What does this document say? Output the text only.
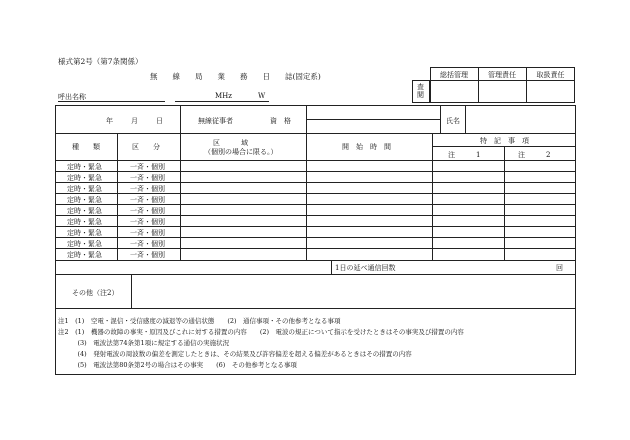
様式第2号（第7条関係）
無　　線　　局　　業　　務　　日　　誌(固定系)	総括管理	管理責任	取扱責任
査閲
呼出名称	MHz	W
年	月	日	無線従事者	資　格	氏名
種　　類	区　　分	区　　　域
（個別の場合に限る。）
開　始　時　間
特　記　事　項
注　　　1	注　　　2
定時・緊急	一斉・個別
定時・緊急	一斉・個別
定時・緊急	一斉・個別
定時・緊急	一斉・個別
定時・緊急	一斉・個別
定時・緊急	一斉・個別
定時・緊急	一斉・個別
定時・緊急	一斉・個別
定時・緊急	一斉・個別
1日の延べ通信回数	回
その他（注2）
注1　(1)　空電・混信・受信感度の減退等の通信状態　　(2)　通信事項・その他参考となる事項
注2　(1)　機器の故障の事実・原因及びこれに対する措置の内容　　(2)　電波の規正について指示を受けたときはその事実及び措置の内容
　　　(3)　電波法第74条第1項に規定する通信の実施状況
　　　(4)　発射電波の周波数の偏差を測定したときは、その結果及び許容偏差を超える偏差があるときはその措置の内容
　　　(5)　電波法第80条第2号の場合はその事実　　(6)　その他参考となる事項
